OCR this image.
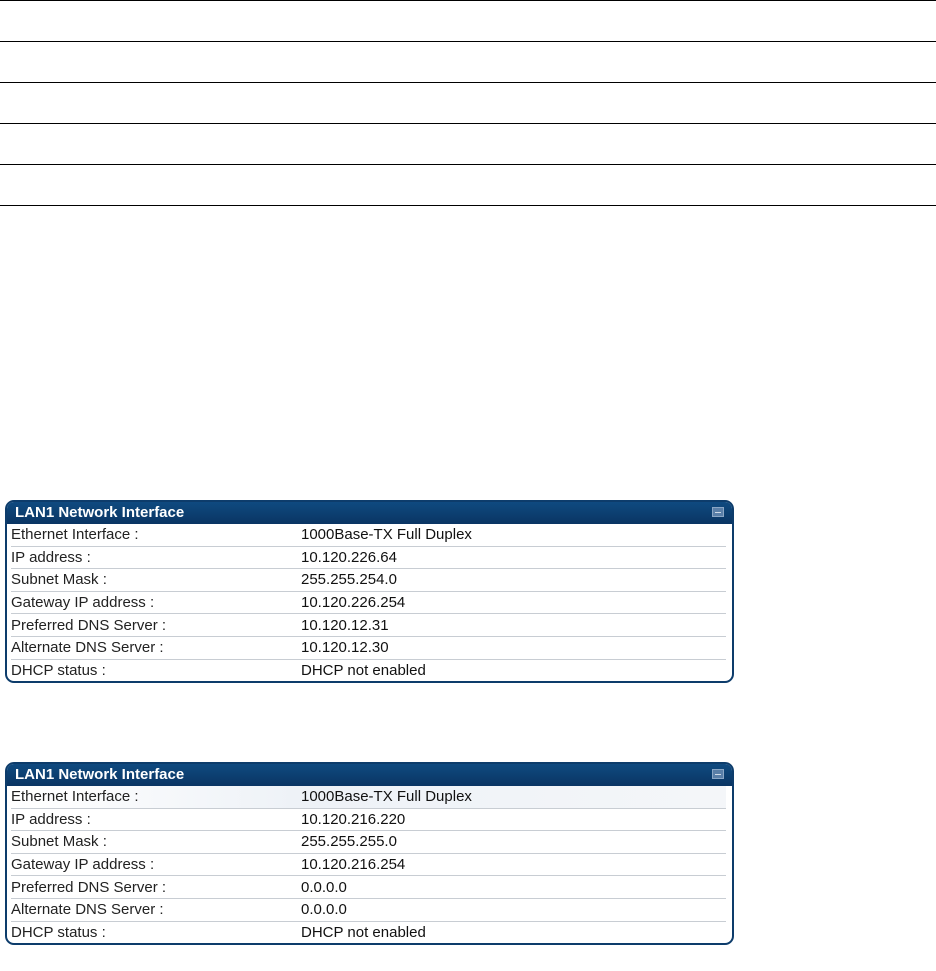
LAN1 Network Interface
Ethernet Interface :	1000Base-TX Full Duplex
IP address :	10.120.226.64
Subnet Mask :	255.255.254.0
Gateway IP address :	10.120.226.254
Preferred DNS Server :	10.120.12.31
Alternate DNS Server :	10.120.12.30
DHCP status :	DHCP not enabled
LAN1 Network Interface
Ethernet Interface :	1000Base-TX Full Duplex
IP address :	10.120.216.220
Subnet Mask :	255.255.255.0
Gateway IP address :	10.120.216.254
Preferred DNS Server :	0.0.0.0
Alternate DNS Server :	0.0.0.0
DHCP status :	DHCP not enabled
